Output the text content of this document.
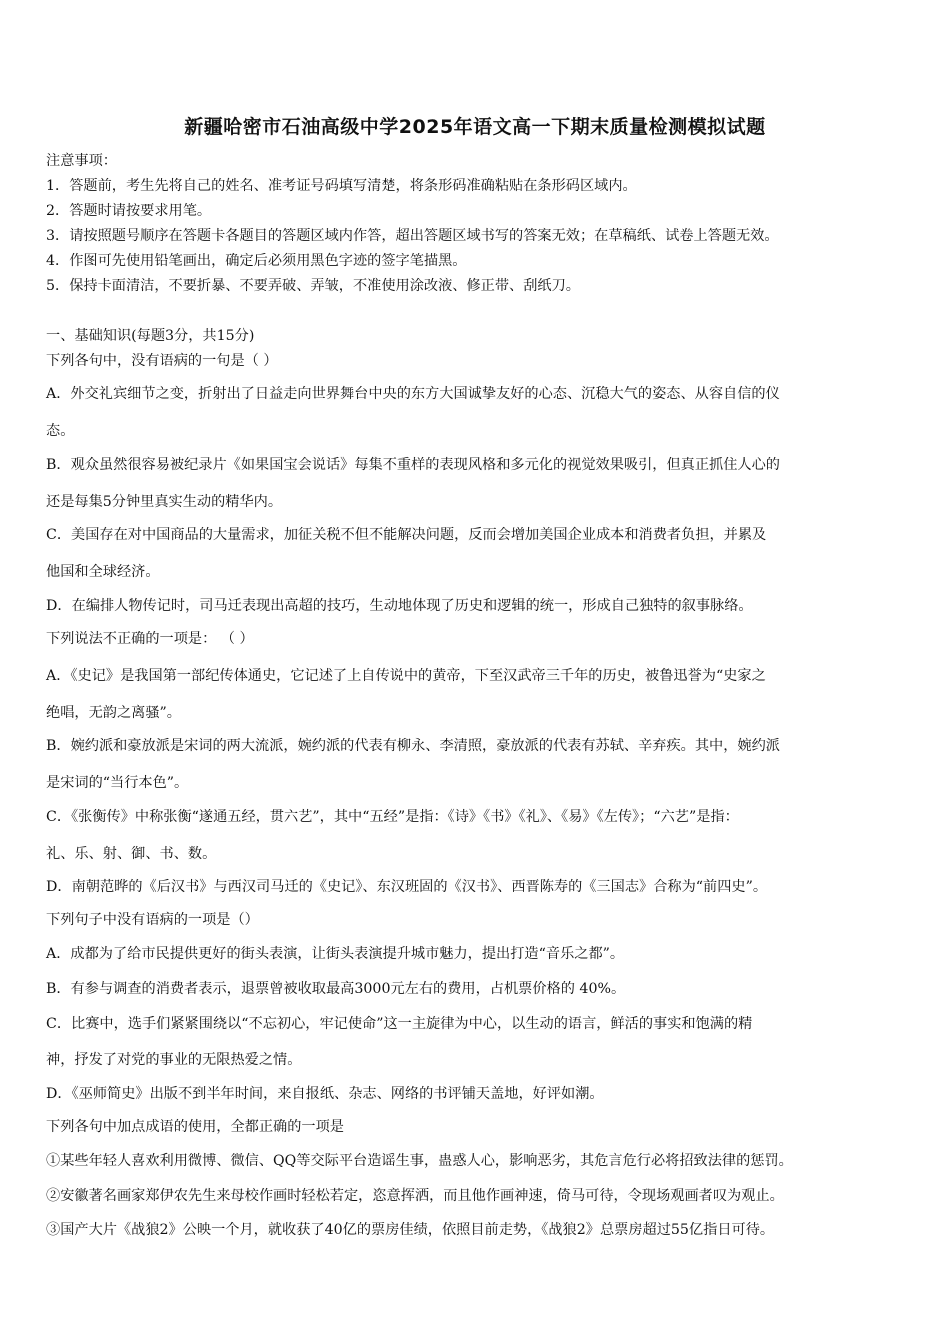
新疆哈密市石油高级中学2025年语文高一下期末质量检测模拟试题
注意事项：
1．答题前，考生先将自己的姓名、准考证号码填写清楚，将条形码准确粘贴在条形码区域内。
2．答题时请按要求用笔。
3．请按照题号顺序在答题卡各题目的答题区域内作答，超出答题区域书写的答案无效；在草稿纸、试卷上答题无效。
4．作图可先使用铅笔画出，确定后必须用黑色字迹的签字笔描黑。
5．保持卡面清洁，不要折暴、不要弄破、弄皱，不准使用涂改液、修正带、刮纸刀。
一、基础知识(每题3分，共15分)
下列各句中，没有语病的一句是（ ）
A．外交礼宾细节之变，折射出了日益走向世界舞台中央的东方大国诚挚友好的心态、沉稳大气的姿态、从容自信的仪
态。
B．观众虽然很容易被纪录片《如果国宝会说话》每集不重样的表现风格和多元化的视觉效果吸引，但真正抓住人心的
还是每集5分钟里真实生动的精华内。
C．美国存在对中国商品的大量需求，加征关税不但不能解决问题，反而会增加美国企业成本和消费者负担，并累及
他国和全球经济。
D．在编排人物传记时，司马迁表现出高超的技巧，生动地体现了历史和逻辑的统一，形成自己独特的叙事脉络。
下列说法不正确的一项是： （ ）
A．《史记》是我国第一部纪传体通史，它记述了上自传说中的黄帝，下至汉武帝三千年的历史，被鲁迅誉为“史家之
绝唱，无韵之离骚”。
B．婉约派和豪放派是宋词的两大流派，婉约派的代表有柳永、李清照，豪放派的代表有苏轼、辛弃疾。其中，婉约派
是宋词的“当行本色”。
C．《张衡传》中称张衡“遂通五经，贯六艺”，其中“五经”是指：《诗》《书》《礼》、《易》《左传》；“六艺”是指：
礼、乐、射、御、书、数。
D．南朝范晔的《后汉书》与西汉司马迁的《史记》、东汉班固的《汉书》、西晋陈寿的《三国志》合称为“前四史”。
下列句子中没有语病的一项是（）
A．成都为了给市民提供更好的街头表演，让街头表演提升城市魅力，提出打造“音乐之都”。
B．有参与调查的消费者表示，退票曾被收取最高3000元左右的费用，占机票价格的 40%。
C．比赛中，选手们紧紧围绕以“不忘初心，牢记使命”这一主旋律为中心，以生动的语言，鲜活的事实和饱满的精
神，抒发了对党的事业的无限热爱之情。
D．《巫师简史》出版不到半年时间，来自报纸、杂志、网络的书评铺天盖地，好评如潮。
下列各句中加点成语的使用，全都正确的一项是
①某些年轻人喜欢利用微博、微信、QQ等交际平台造谣生事，蛊惑人心，影响恶劣，其危言危行必将招致法律的惩罚。
②安徽著名画家郑伊农先生来母校作画时轻松若定，恣意挥洒，而且他作画神速，倚马可待，令现场观画者叹为观止。
③国产大片《战狼2》公映一个月，就收获了40亿的票房佳绩，依照目前走势，《战狼2》总票房超过55亿指日可待。
